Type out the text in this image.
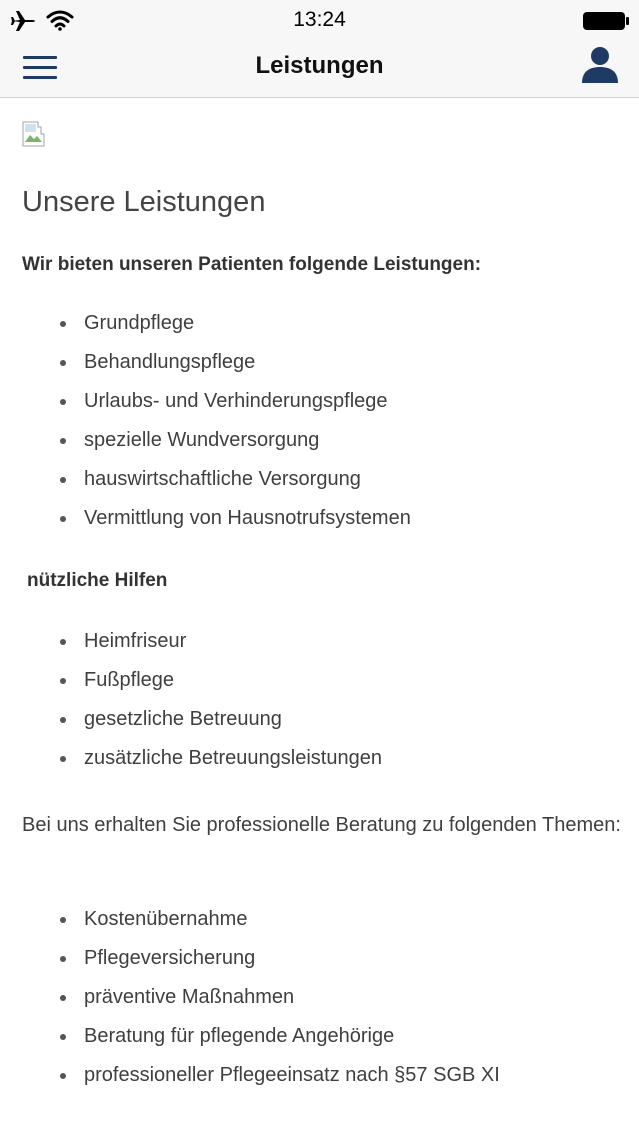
13:24
Leistungen
Unsere Leistungen
Wir bieten unseren Patienten folgende Leistungen:
Grundpflege
Behandlungspflege
Urlaubs- und Verhinderungspflege
spezielle Wundversorgung
hauswirtschaftliche Versorgung
Vermittlung von Hausnotrufsystemen
nützliche Hilfen
Heimfriseur
Fußpflege
gesetzliche Betreuung
zusätzliche Betreuungsleistungen
Bei uns erhalten Sie professionelle Beratung zu folgenden Themen:
Kostenübernahme
Pflegeversicherung
präventive Maßnahmen
Beratung für pflegende Angehörige
professioneller Pflegeeinsatz nach §57 SGB XI
